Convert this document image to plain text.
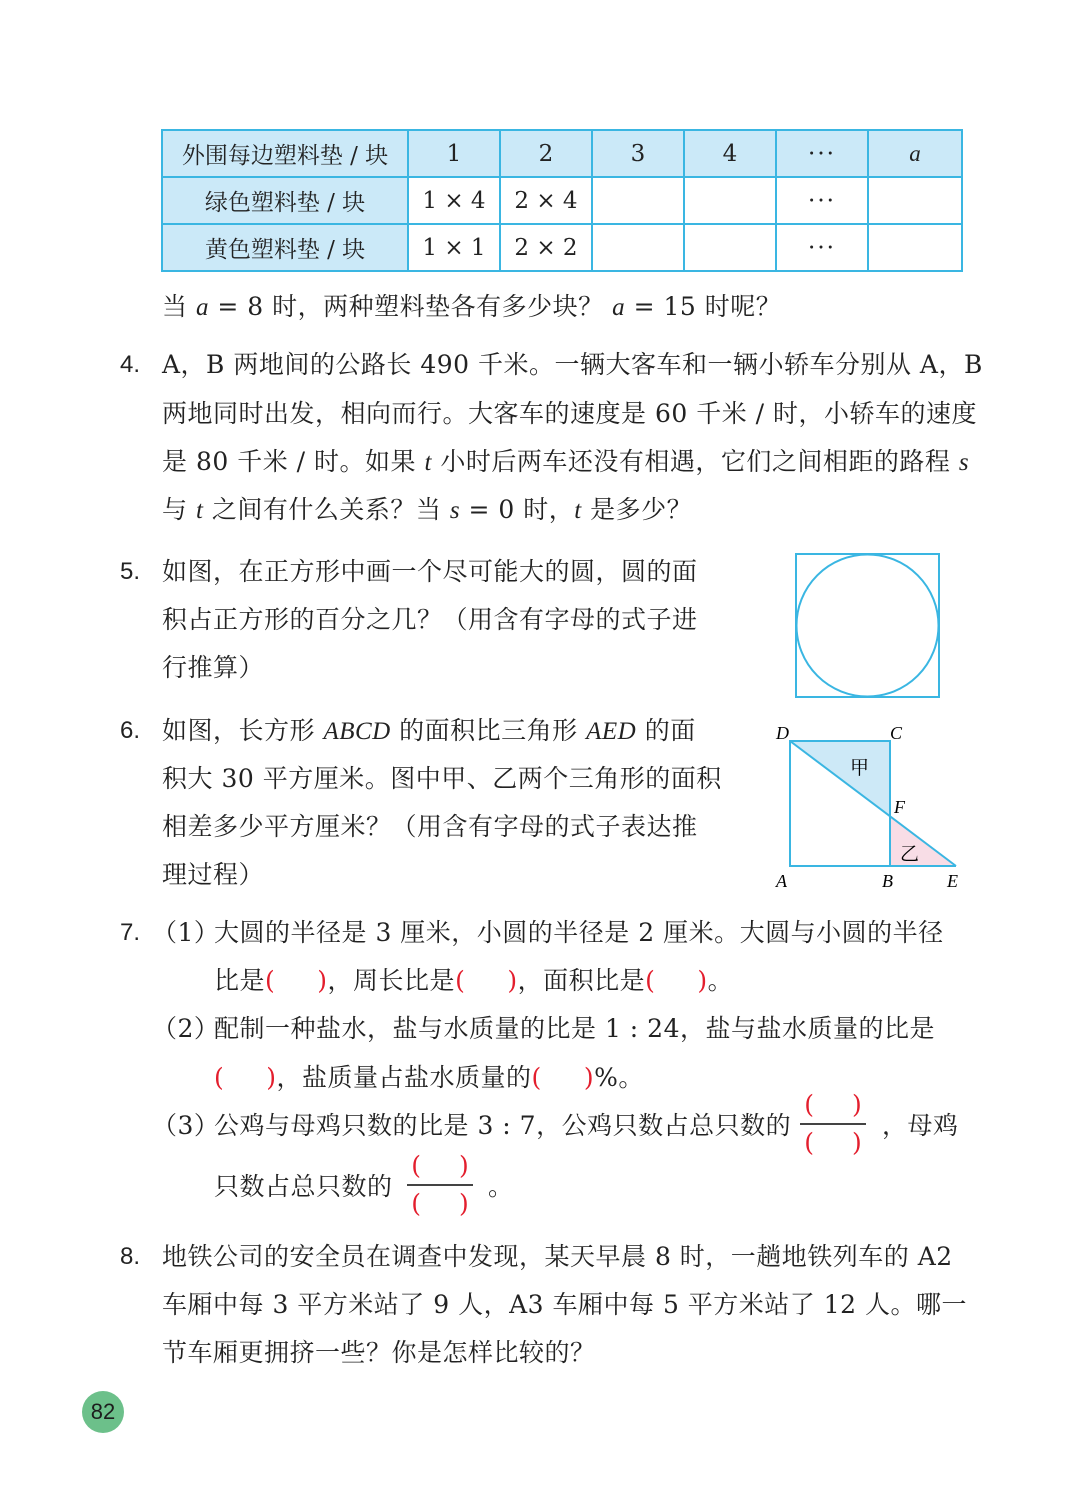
外围每边塑料垫 / 块	1	2	3	4	···	a
绿色塑料垫 / 块	1 × 4	2 × 4			···	
黄色塑料垫 / 块	1 × 1	2 × 2			···	
当 a = 8 时，两种塑料垫各有多少块？ a = 15 时呢？
4. A，B 两地间的公路长 490 千米。一辆大客车和一辆小轿车分别从 A，B
两地同时出发，相向而行。大客车的速度是 60 千米 / 时，小轿车的速度
是 80 千米 / 时。如果 t 小时后两车还没有相遇，它们之间相距的路程 s
与 t 之间有什么关系？当 s = 0 时，t 是多少？
5. 如图，在正方形中画一个尽可能大的圆，圆的面
积占正方形的百分之几？（用含有字母的式子进
行推算）
6. 如图，长方形 ABCD 的面积比三角形 AED 的面
积大 30 平方厘米。图中甲、乙两个三角形的面积
相差多少平方厘米？（用含有字母的式子表达推
理过程）
D	C
F
A	B	E
甲
乙
7. （1）
大圆的半径是 3 厘米，小圆的半径是 2 厘米。大圆与小圆的半径
比是( )，周长比是( )，面积比是( )。
（2）
配制一种盐水，盐与水质量的比是 1 : 24，盐与盐水质量的比是
( )，盐质量占盐水质量的( )%。
（3）
公鸡与母鸡只数的比是 3 : 7，公鸡只数占总只数的
( )
( )
，母鸡
只数占总只数的
( )
( )
。
8. 地铁公司的安全员在调查中发现，某天早晨 8 时，一趟地铁列车的 A2
车厢中每 3 平方米站了 9 人，A3 车厢中每 5 平方米站了 12 人。哪一
节车厢更拥挤一些？你是怎样比较的？
82
